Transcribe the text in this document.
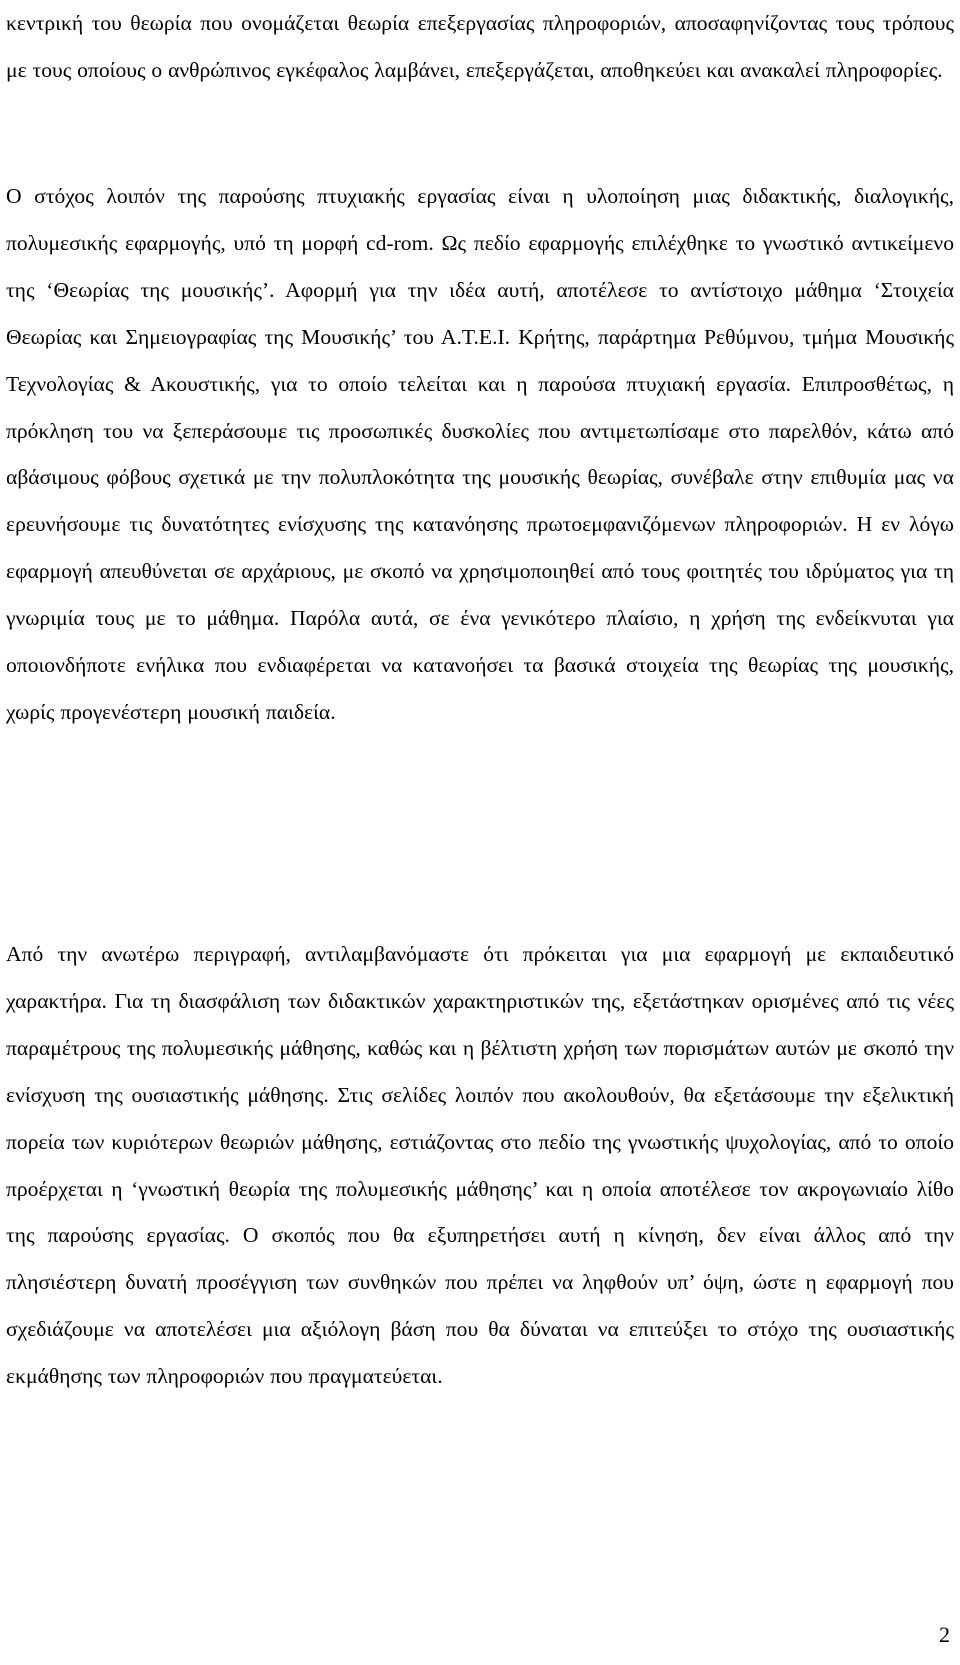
κεντρική του θεωρία που ονομάζεται θεωρία επεξεργασίας πληροφοριών, αποσαφηνίζοντας τους τρόπους με τους οποίους ο ανθρώπινος εγκέφαλος λαμβάνει, επεξεργάζεται, αποθηκεύει και ανακαλεί πληροφορίες.

Ο στόχος λοιπόν της παρούσης πτυχιακής εργασίας είναι η υλοποίηση μιας διδακτικής, διαλογικής, πολυμεσικής εφαρμογής, υπό τη μορφή cd-rom. Ως πεδίο εφαρμογής επιλέχθηκε το γνωστικό αντικείμενο της ‘Θεωρίας της μουσικής’. Αφορμή για την ιδέα αυτή, αποτέλεσε το αντίστοιχο μάθημα ‘Στοιχεία Θεωρίας και Σημειογραφίας της Μουσικής’ του Α.Τ.Ε.Ι. Κρήτης, παράρτημα Ρεθύμνου, τμήμα Μουσικής Τεχνολογίας & Ακουστικής, για το οποίο τελείται και η παρούσα πτυχιακή εργασία. Επιπροσθέτως, η πρόκληση του να ξεπεράσουμε τις προσωπικές δυσκολίες που αντιμετωπίσαμε στο παρελθόν, κάτω από αβάσιμους φόβους σχετικά με την πολυπλοκότητα της μουσικής θεωρίας, συνέβαλε στην επιθυμία μας να ερευνήσουμε τις δυνατότητες ενίσχυσης της κατανόησης πρωτοεμφανιζόμενων πληροφοριών. Η εν λόγω εφαρμογή απευθύνεται σε αρχάριους, με σκοπό να χρησιμοποιηθεί από τους φοιτητές του ιδρύματος για τη γνωριμία τους με το μάθημα. Παρόλα αυτά, σε ένα γενικότερο πλαίσιο, η χρήση της ενδείκνυται για οποιονδήποτε ενήλικα που ενδιαφέρεται να κατανοήσει τα βασικά στοιχεία της θεωρίας της μουσικής, χωρίς προγενέστερη μουσική παιδεία.

Από την ανωτέρω περιγραφή, αντιλαμβανόμαστε ότι πρόκειται για μια εφαρμογή με εκπαιδευτικό χαρακτήρα. Για τη διασφάλιση των διδακτικών χαρακτηριστικών της, εξετάστηκαν ορισμένες από τις νέες παραμέτρους της πολυμεσικής μάθησης, καθώς και η βέλτιστη χρήση των πορισμάτων αυτών με σκοπό την ενίσχυση της ουσιαστικής μάθησης. Στις σελίδες λοιπόν που ακολουθούν, θα εξετάσουμε την εξελικτική πορεία των κυριότερων θεωριών μάθησης, εστιάζοντας στο πεδίο της γνωστικής ψυχολογίας, από το οποίο προέρχεται η ‘γνωστική θεωρία της πολυμεσικής μάθησης’ και η οποία αποτέλεσε τον ακρογωνιαίο λίθο της παρούσης εργασίας. Ο σκοπός που θα εξυπηρετήσει αυτή η κίνηση, δεν είναι άλλος από την πλησιέστερη δυνατή προσέγγιση των συνθηκών που πρέπει να ληφθούν υπ’ όψη, ώστε η εφαρμογή που σχεδιάζουμε να αποτελέσει μια αξιόλογη βάση που θα δύναται να επιτεύξει το στόχο της ουσιαστικής εκμάθησης των πληροφοριών που πραγματεύεται.

2
